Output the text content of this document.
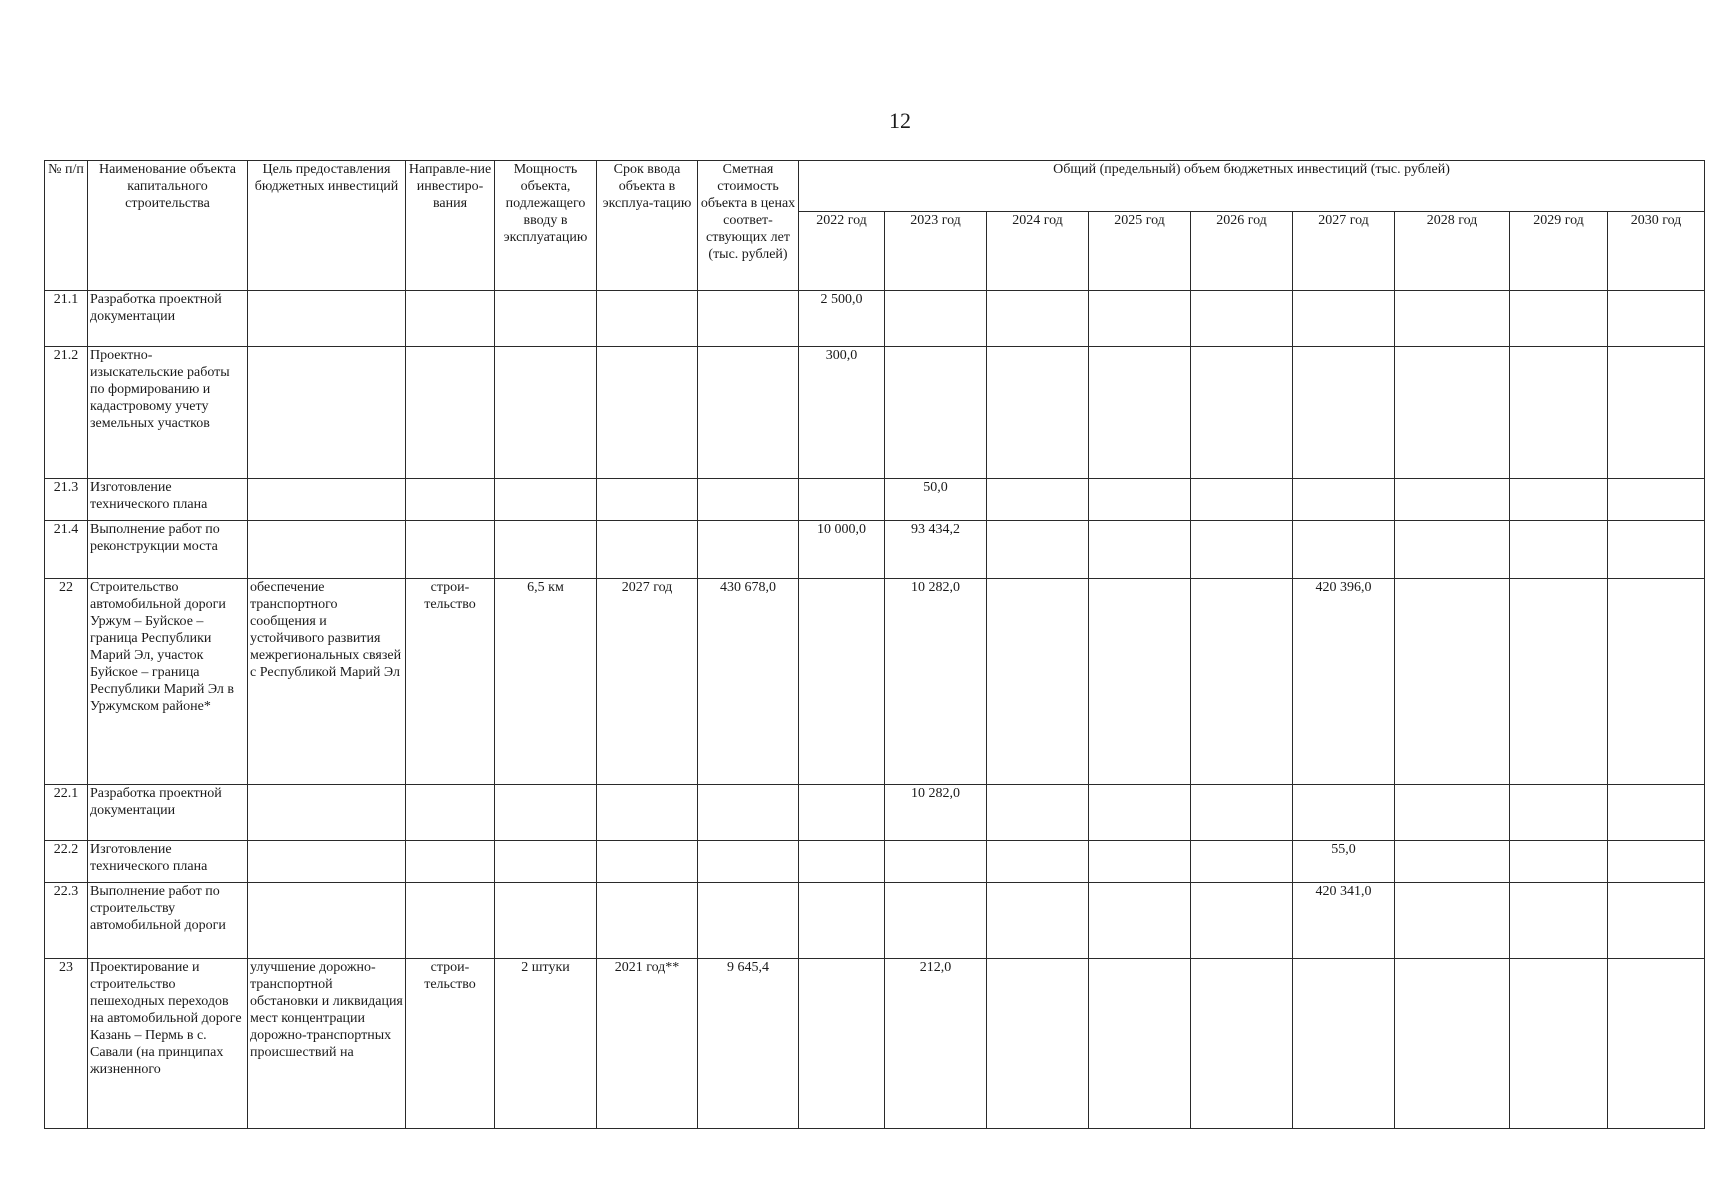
12
№ п/п	Наименование объекта капитального строительства	Цель предоставления бюджетных инвестиций	Направле-ние инвестиро-вания	Мощность объекта, подлежащего вводу в эксплуатацию	Срок ввода объекта в эксплуа-тацию	Сметная стоимость объекта в ценах соответ-ствующих лет (тыс. рублей)	Общий (предельный) объем бюджетных инвестиций (тыс. рублей)								
							2022 год	2023 год	2024 год	2025 год	2026 год	2027 год	2028 год	2029 год	2030 год
21.1	Разработка проектной документации						2 500,0								
21.2	Проектно-изыскательские работы по формированию и кадастровому учету земельных участков						300,0								
21.3	Изготовление технического плана							50,0							
21.4	Выполнение работ по реконструкции моста						10 000,0	93 434,2							
22	Строительство автомобильной дороги Уржум – Буйское – граница Республики Марий Эл, участок Буйское – граница Республики Марий Эл в Уржумском районе*	обеспечение транспортного сообщения и устойчивого развития межрегиональных связей с Республикой Марий Эл	строи-тельство	6,5 км	2027 год	430 678,0		10 282,0				420 396,0			
22.1	Разработка проектной документации							10 282,0							
22.2	Изготовление технического плана											55,0			
22.3	Выполнение работ по строительству автомобильной дороги											420 341,0			
23	Проектирование и строительство пешеходных переходов на автомобильной дороге Казань – Пермь в с. Савали (на принципах жизненного	улучшение дорожно-транспортной обстановки и ликвидация мест концентрации дорожно-транспортных происшествий на	строи-тельство	2 штуки	2021 год**	9 645,4		212,0							
